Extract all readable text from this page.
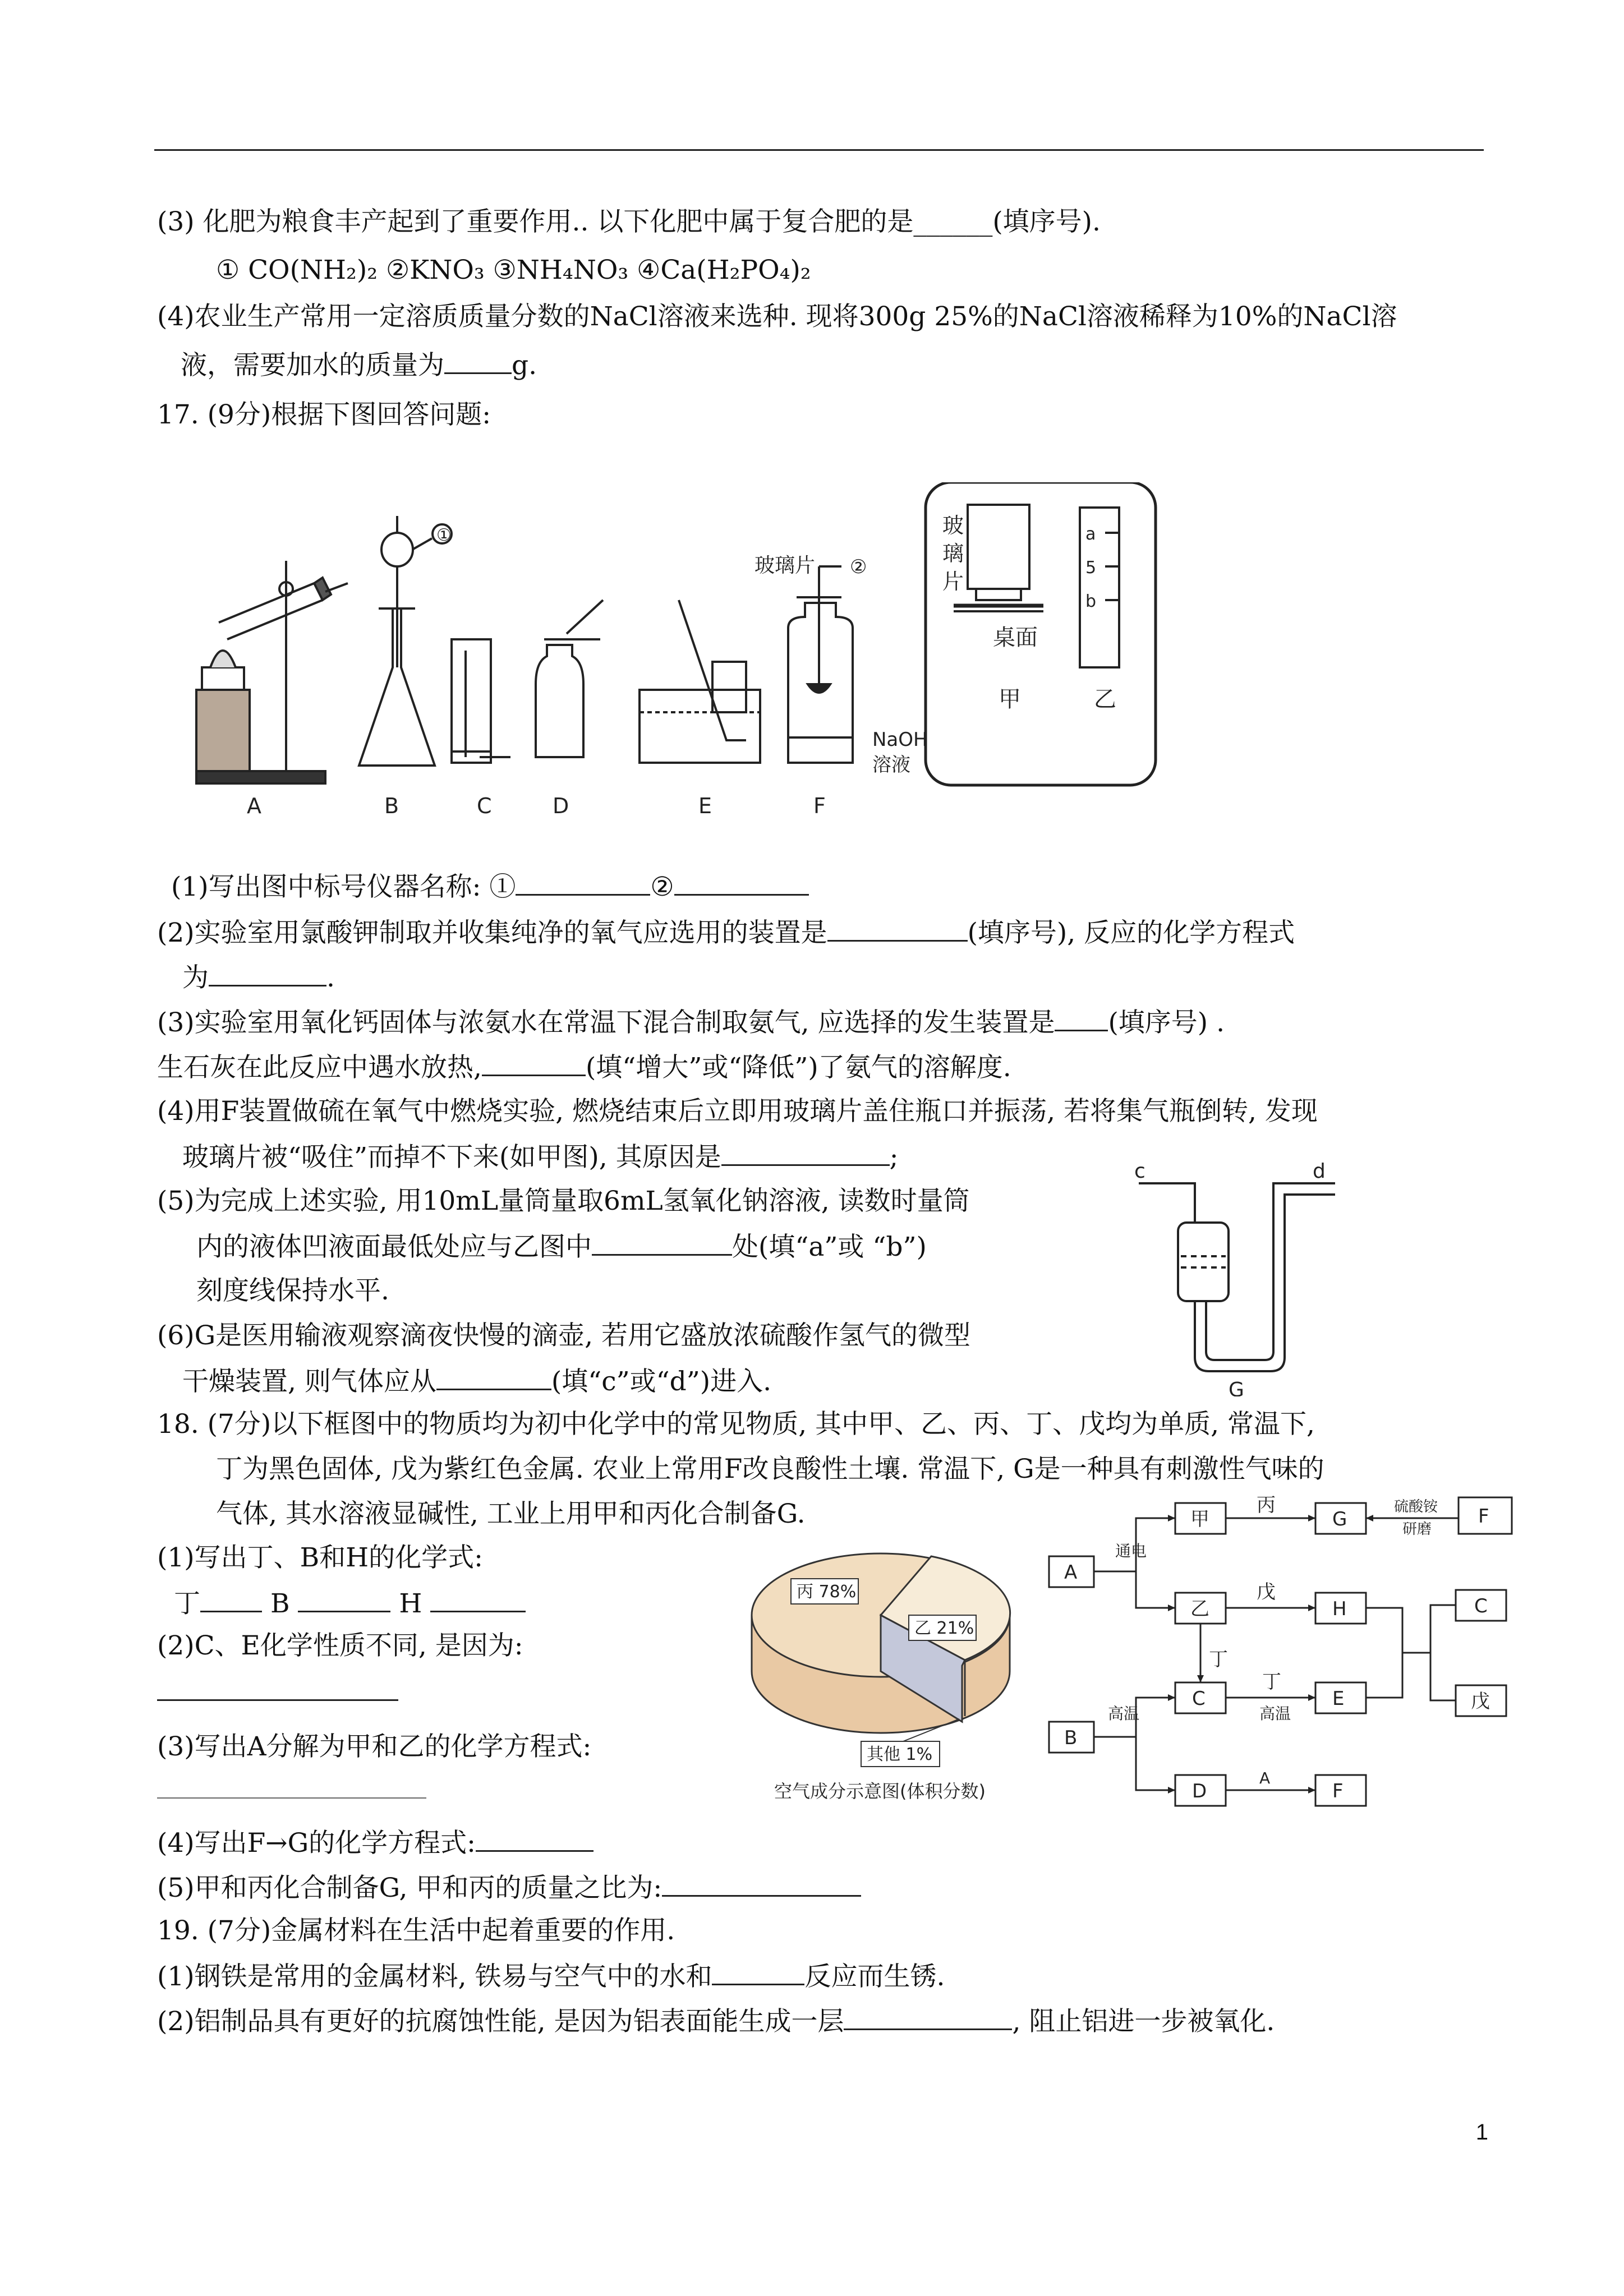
(3) 化肥为粮食丰产起到了重要作用.. 以下化肥中属于复合肥的是______(填序号).
① CO(NH₂)₂ ②KNO₃ ③NH₄NO₃ ④Ca(H₂PO₄)₂
(4)农业生产常用一定溶质质量分数的NaCl溶液来选种. 现将300g 25%的NaCl溶液稀释为10%的NaCl溶
液，需要加水的质量为	g.
17. (9分)根据下图回答问题:
A	B	C	D	E	F
①
②
玻璃片
NaOH
溶液
玻
璃
片
桌面
甲	乙
a
5
b
(1)写出图中标号仪器名称: ①	②
(2)实验室用氯酸钾制取并收集纯净的氧气应选用的装置是	(填序号), 反应的化学方程式
为	.
(3)实验室用氧化钙固体与浓氨水在常温下混合制取氨气, 应选择的发生装置是 (填序号) .
生石灰在此反应中遇水放热,	(填“增大”或“降低”)了氨气的溶解度.
(4)用F装置做硫在氧气中燃烧实验, 燃烧结束后立即用玻璃片盖住瓶口并振荡, 若将集气瓶倒转, 发现
玻璃片被“吸住”而掉不下来(如甲图), 其原因是	;
(5)为完成上述实验, 用10mL量筒量取6mL氢氧化钠溶液, 读数时量筒
内的液体凹液面最低处应与乙图中	处(填“a”或 “b”)
刻度线保持水平.
(6)G是医用输液观察滴夜快慢的滴壶, 若用它盛放浓硫酸作氢气的微型
干燥装置, 则气体应从	(填“c”或“d”)进入.
c	d
G
18. (7分)以下框图中的物质均为初中化学中的常见物质, 其中甲、乙、丙、丁、戊均为单质, 常温下,
丁为黑色固体, 戊为紫红色金属. 农业上常用F改良酸性土壤. 常温下, G是一种具有刺激性气味的
气体, 其水溶液显碱性, 工业上用甲和丙化合制备G.
(1)写出丁、B和H的化学式:
丁	B	H
(2)C、E化学性质不同, 是因为:
(3)写出A分解为甲和乙的化学方程式:
(4)写出F→G的化学方程式:
(5)甲和丙化合制备G, 甲和丙的质量之比为:
丙 78%
乙 21%
其他 1%
空气成分示意图(体积分数)
A
甲	G	F
乙	H	C
C	E	戊
B
D	F
丙
戊
丁
丁
A
通电
高温	高温
硫酸铵
研磨
19. (7分)金属材料在生活中起着重要的作用.
(1)钢铁是常用的金属材料, 铁易与空气中的水和	反应而生锈.
(2)铝制品具有更好的抗腐蚀性能, 是因为铝表面能生成一层	, 阻止铝进一步被氧化.
1
